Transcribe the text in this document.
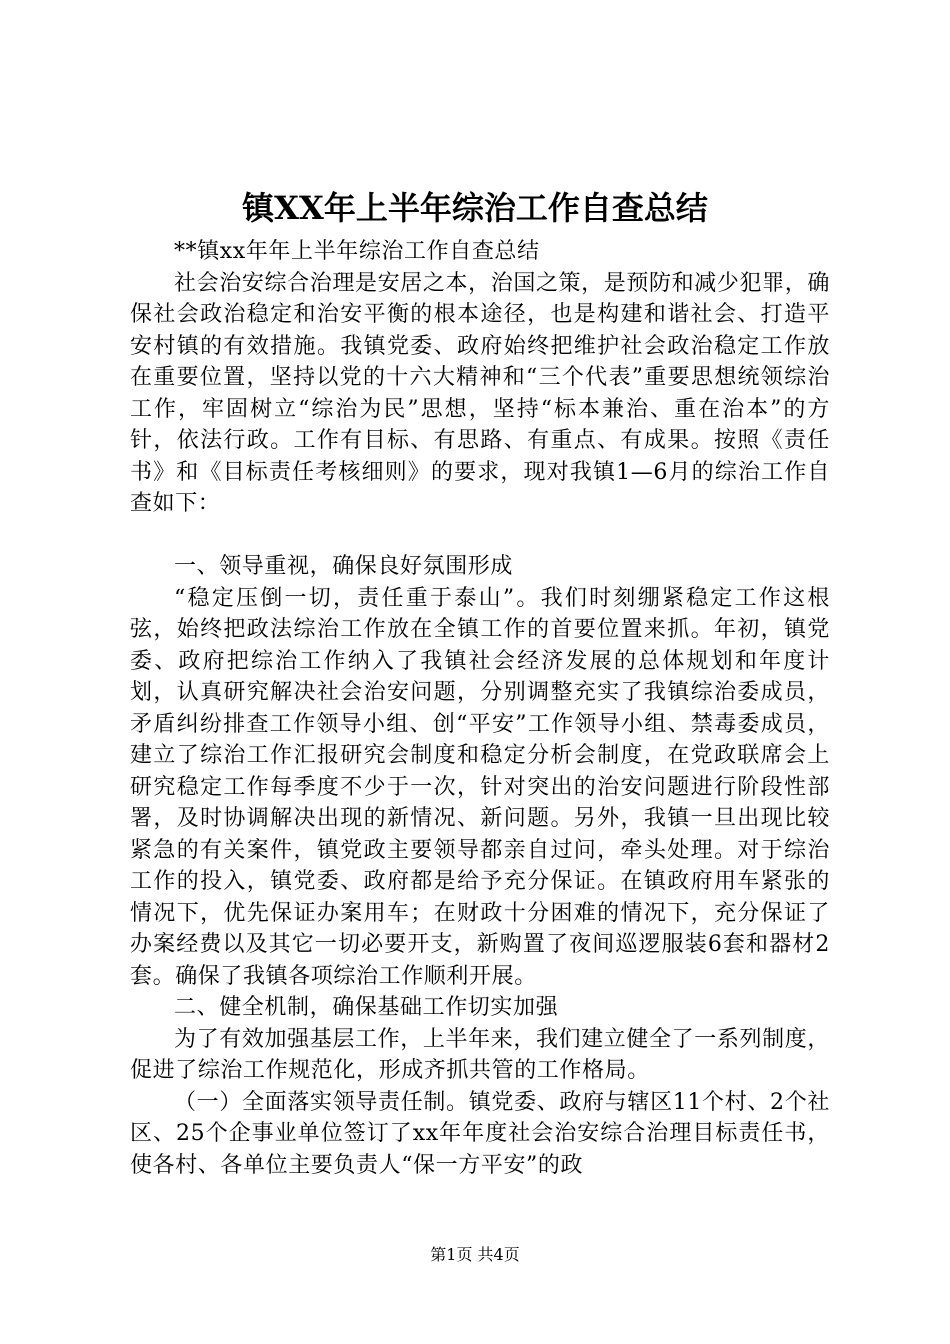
镇XX年上半年综治工作自查总结

**镇xx年年上半年综治工作自查总结

社会治安综合治理是安居之本，治国之策，是预防和减少犯罪，确保社会政治稳定和治安平衡的根本途径，也是构建和谐社会、打造平安村镇的有效措施。我镇党委、政府始终把维护社会政治稳定工作放在重要位置，坚持以党的十六大精神和“三个代表”重要思想统领综治工作，牢固树立“综治为民”思想，坚持“标本兼治、重在治本”的方针，依法行政。工作有目标、有思路、有重点、有成果。按照《责任书》和《目标责任考核细则》的要求，现对我镇1—6月的综治工作自查如下：

一、领导重视，确保良好氛围形成

“稳定压倒一切，责任重于泰山”。我们时刻绷紧稳定工作这根弦，始终把政法综治工作放在全镇工作的首要位置来抓。年初，镇党委、政府把综治工作纳入了我镇社会经济发展的总体规划和年度计划，认真研究解决社会治安问题，分别调整充实了我镇综治委成员，矛盾纠纷排查工作领导小组、创“平安”工作领导小组、禁毒委成员，建立了综治工作汇报研究会制度和稳定分析会制度，在党政联席会上研究稳定工作每季度不少于一次，针对突出的治安问题进行阶段性部署，及时协调解决出现的新情况、新问题。另外，我镇一旦出现比较紧急的有关案件，镇党政主要领导都亲自过问，牵头处理。对于综治工作的投入，镇党委、政府都是给予充分保证。在镇政府用车紧张的情况下，优先保证办案用车；在财政十分困难的情况下，充分保证了办案经费以及其它一切必要开支，新购置了夜间巡逻服装6套和器材2套。确保了我镇各项综治工作顺利开展。

二、健全机制，确保基础工作切实加强

为了有效加强基层工作，上半年来，我们建立健全了一系列制度，促进了综治工作规范化，形成齐抓共管的工作格局。

（一）全面落实领导责任制。镇党委、政府与辖区11个村、2个社区、25个企事业单位签订了xx年年度社会治安综合治理目标责任书，使各村、各单位主要负责人“保一方平安”的政

第1页 共4页
